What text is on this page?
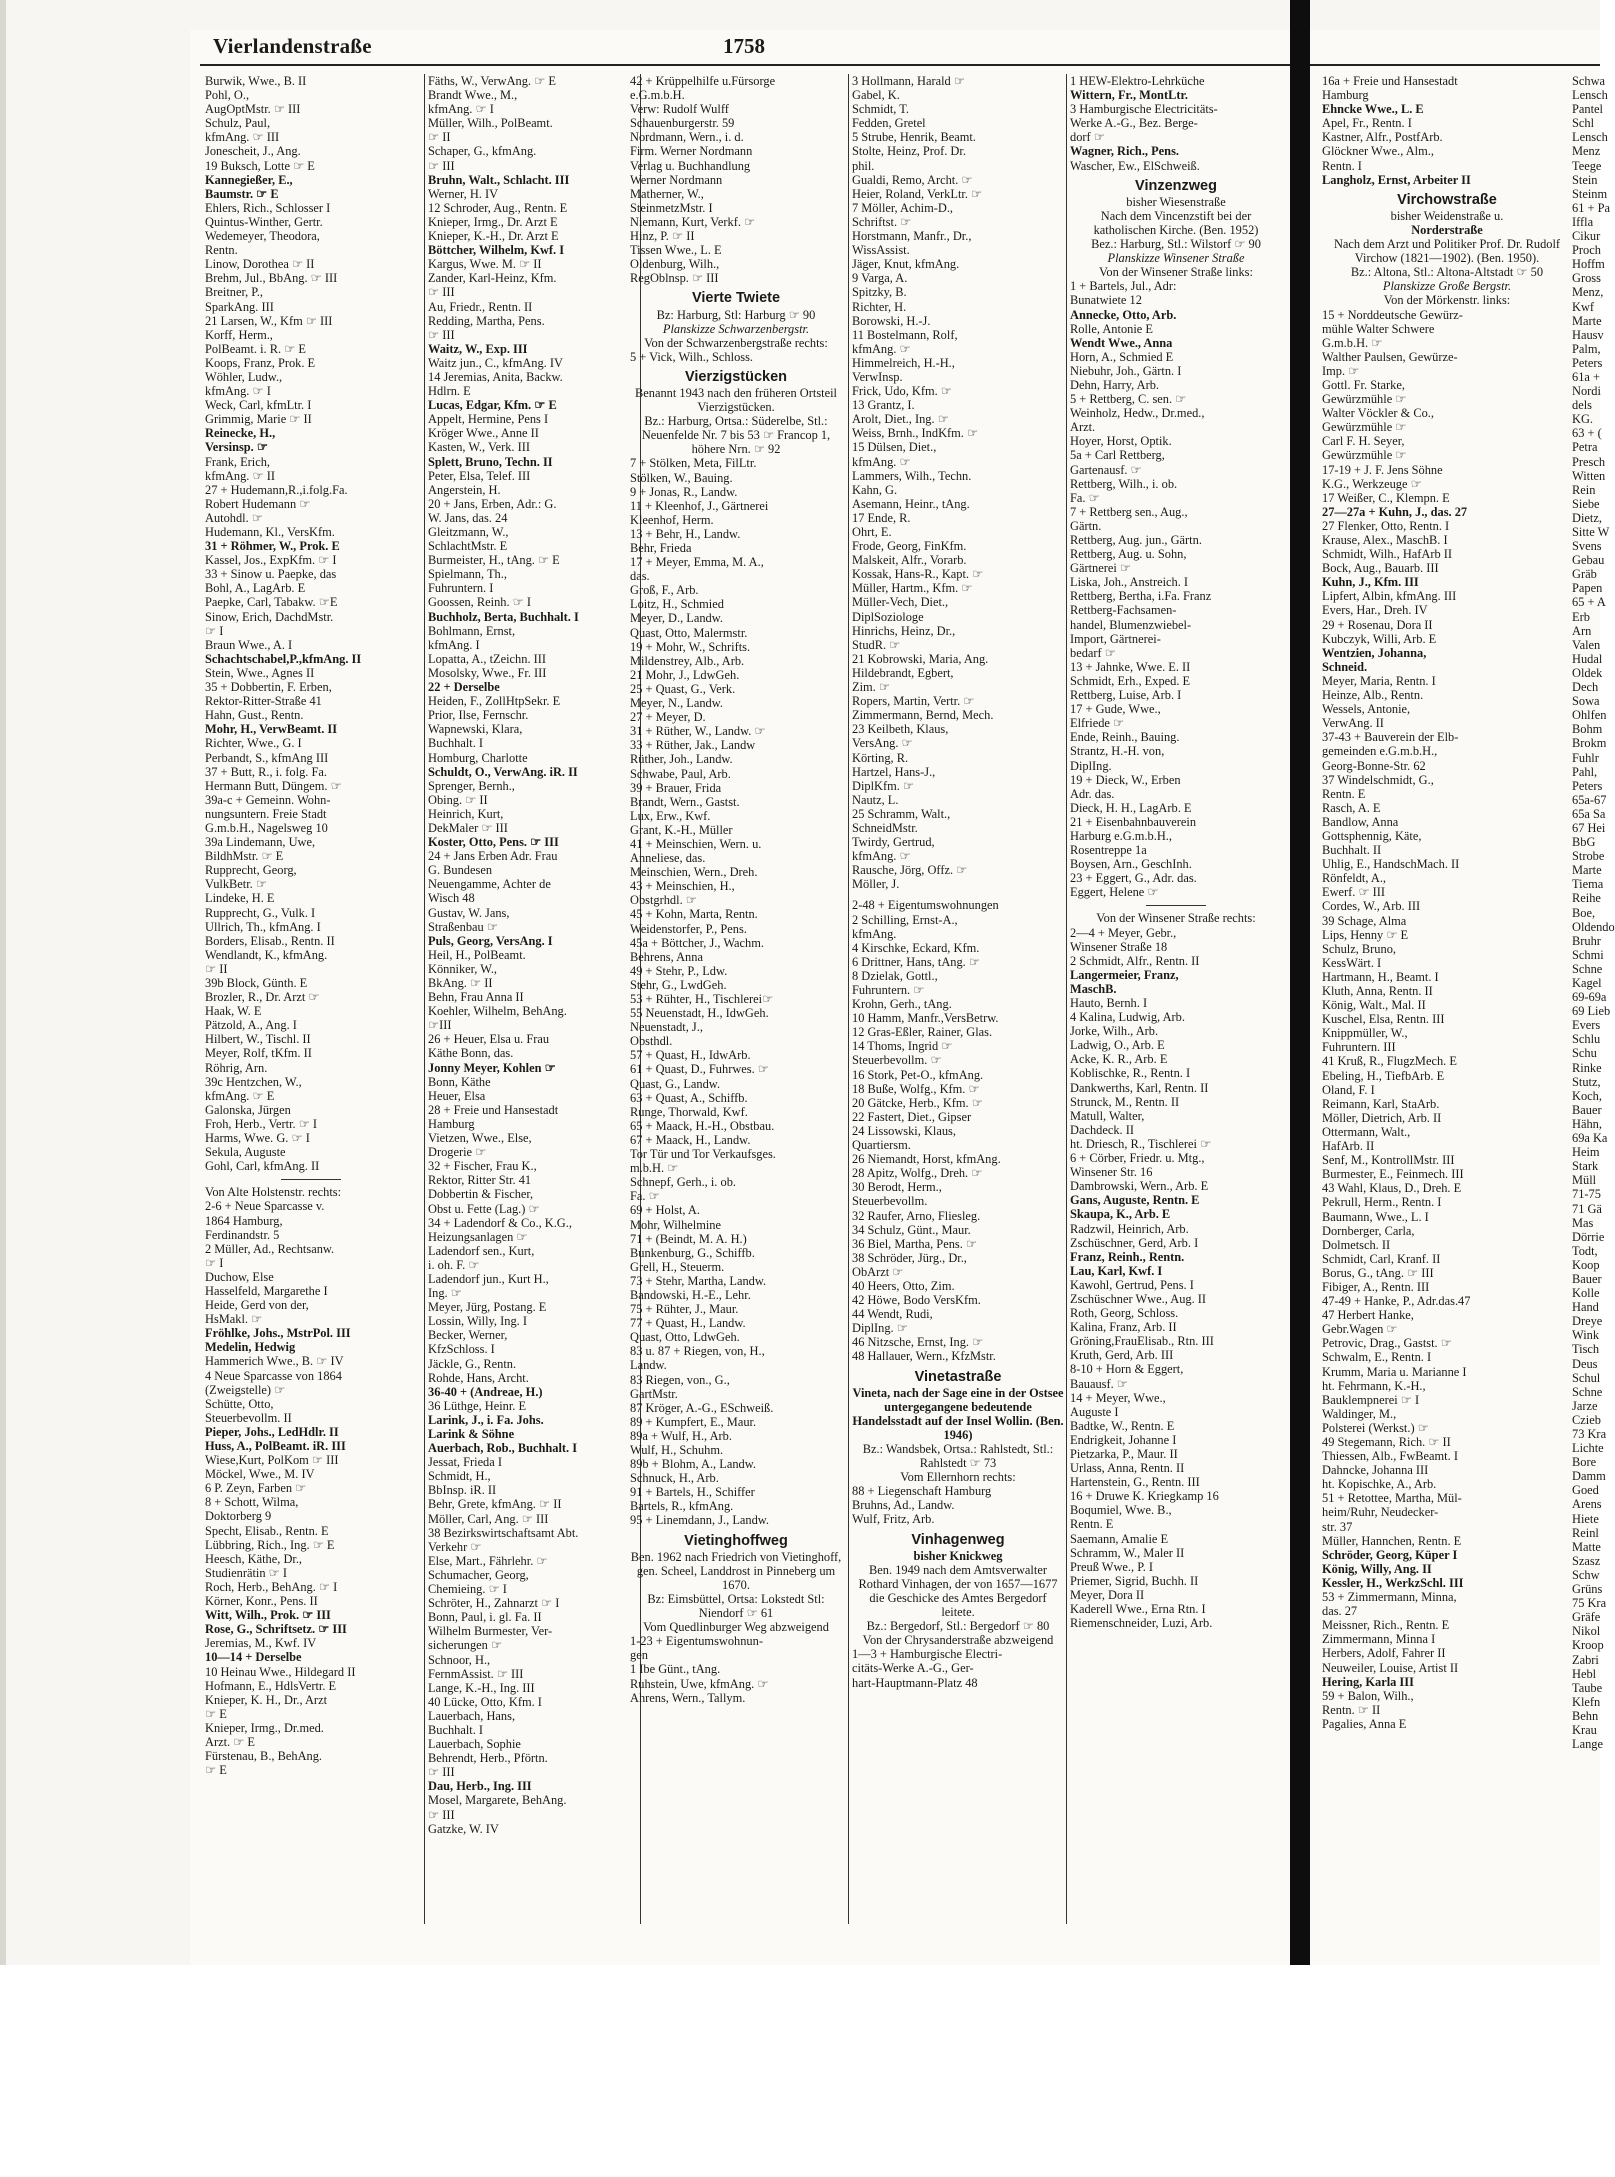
Vierlandenstraße	1758
Burwik, Wwe., B. II
Pohl, O.,
AugOptMstr. ☞ III
Schulz, Paul,
kfmAng. ☞ III
Jonescheit, J., Ang.
19 Buksch, Lotte ☞ E
Kannegießer, E.,
Baumstr. ☞ E
Ehlers, Rich., Schlosser I
Quintus-Winther, Gertr.
Wedemeyer, Theodora,
Rentn.
Linow, Dorothea ☞ II
Brehm, Jul., BbAng. ☞ III
Breitner, P.,
SparkAng. III
21 Larsen, W., Kfm ☞ III
Korff, Herm.,
PolBeamt. i. R. ☞ E
Koops, Franz, Prok. E
Wöhler, Ludw.,
kfmAng. ☞ I
Weck, Carl, kfmLtr. I
Grimmig, Marie ☞ II
Reinecke, H.,
Versinsp. ☞
Frank, Erich,
kfmAng. ☞ II
27 + Hudemann,R.,i.folg.Fa.
Robert Hudemann ☞
Autohdl. ☞
Hudemann, Kl., VersKfm.
31 + Röhmer, W., Prok. E
Kassel, Jos., ExpKfm. ☞ I
33 + Sinow u. Paepke, das
Bohl, A., LagArb. E
Paepke, Carl, Tabakw. ☞E
Sinow, Erich, DachdMstr.
☞ I
Braun Wwe., A. I
Schachtschabel,P.,kfmAng. II
Stein, Wwe., Agnes II
35 + Dobbertin, F. Erben,
Rektor-Ritter-Straße 41
Hahn, Gust., Rentn.
Mohr, H., VerwBeamt. II
Richter, Wwe., G. I
Perbandt, S., kfmAng III
37 + Butt, R., i. folg. Fa.
Hermann Butt, Düngem. ☞
39a-c + Gemeinn. Wohn-
nungsuntern. Freie Stadt
G.m.b.H., Nagelsweg 10
39a Lindemann, Uwe,
BildhMstr. ☞ E
Rupprecht, Georg,
VulkBetr. ☞
Lindeke, H. E
Rupprecht, G., Vulk. I
Ullrich, Th., kfmAng. I
Borders, Elisab., Rentn. II
Wendlandt, K., kfmAng.
☞ II
39b Block, Günth. E
Brozler, R., Dr. Arzt ☞
Haak, W. E
Pätzold, A., Ang. I
Hilbert, W., Tischl. II
Meyer, Rolf, tKfm. II
Röhrig, Arn.
39c Hentzchen, W.,
kfmAng. ☞ E
Galonska, Jürgen
Froh, Herb., Vertr. ☞ I
Harms, Wwe. G. ☞ I
Sekula, Auguste
Gohl, Carl, kfmAng. II
Von Alte Holstenstr. rechts:
2-6 + Neue Sparcasse v.
1864 Hamburg,
Ferdinandstr. 5
2 Müller, Ad., Rechtsanw.
☞ I
Duchow, Else
Hasselfeld, Margarethe I
Heide, Gerd von der,
HsMakl. ☞
Fröhlke, Johs., MstrPol. III
Medelin, Hedwig
Hammerich Wwe., B. ☞ IV
4 Neue Sparcasse von 1864
(Zweigstelle) ☞
Schütte, Otto,
Steuerbevollm. II
Pieper, Johs., LedHdlr. II
Huss, A., PolBeamt. iR. III
Wiese,Kurt, PolKom ☞ III
Möckel, Wwe., M. IV
6 P. Zeyn, Farben ☞
8 + Schott, Wilma,
Doktorberg 9
Specht, Elisab., Rentn. E
Lübbring, Rich., Ing. ☞ E
Heesch, Käthe, Dr.,
Studienrätin ☞ I
Roch, Herb., BehAng. ☞ I
Körner, Konr., Pens. II
Witt, Wilh., Prok. ☞ III
Rose, G., Schriftsetz. ☞ III
Jeremias, M., Kwf. IV
10—14 + Derselbe
10 Heinau Wwe., Hildegard II
Hofmann, E., HdlsVertr. E
Knieper, K. H., Dr., Arzt
☞ E
Knieper, Irmg., Dr.med.
Arzt. ☞ E
Fürstenau, B., BehAng.
☞ E
Fäths, W., VerwAng. ☞ E
Brandt Wwe., M.,
kfmAng. ☞ I
Müller, Wilh., PolBeamt.
☞ II
Schaper, G., kfmAng.
☞ III
Bruhn, Walt., Schlacht. III
Werner, H. IV
12 Schroder, Aug., Rentn. E
Knieper, Irmg., Dr. Arzt E
Knieper, K.-H., Dr. Arzt E
Böttcher, Wilhelm, Kwf. I
Kargus, Wwe. M. ☞ II
Zander, Karl-Heinz, Kfm.
☞ III
Au, Friedr., Rentn. II
Redding, Martha, Pens.
☞ III
Waitz, W., Exp. III
Waitz jun., C., kfmAng. IV
14 Jeremias, Anita, Backw.
Hdlrn. E
Lucas, Edgar, Kfm. ☞ E
Appelt, Hermine, Pens I
Kröger Wwe., Anne II
Kasten, W., Verk. III
Splett, Bruno, Techn. II
Peter, Elsa, Telef. III
Angerstein, H.
20 + Jans, Erben, Adr.: G.
W. Jans, das. 24
Gleitzmann, W.,
SchlachtMstr. E
Burmeister, H., tAng. ☞ E
Spielmann, Th.,
Fuhruntern. I
Goossen, Reinh. ☞ I
Buchholz, Berta, Buchhalt. I
Bohlmann, Ernst,
kfmAng. I
Lopatta, A., tZeichn. III
Mosolsky, Wwe., Fr. III
22 + Derselbe
Heiden, F., ZollHtpSekr. E
Prior, Ilse, Fernschr.
Wapnewski, Klara,
Buchhalt. I
Homburg, Charlotte
Schuldt, O., VerwAng. iR. II
Sprenger, Bernh.,
Obing. ☞ II
Heinrich, Kurt,
DekMaler ☞ III
Koster, Otto, Pens. ☞ III
24 + Jans Erben Adr. Frau
G. Bundesen
Neuengamme, Achter de
Wisch 48
Gustav, W. Jans,
Straßenbau ☞
Puls, Georg, VersAng. I
Heil, H., PolBeamt.
Könniker, W.,
BkAng. ☞ II
Behn, Frau Anna II
Koehler, Wilhelm, BehAng.
☞III
26 + Heuer, Elsa u. Frau
Käthe Bonn, das.
Jonny Meyer, Kohlen ☞
Bonn, Käthe
Heuer, Elsa
28 + Freie und Hansestadt
Hamburg
Vietzen, Wwe., Else,
Drogerie ☞
32 + Fischer, Frau K.,
Rektor, Ritter Str. 41
Dobbertin & Fischer,
Obst u. Fette (Lag.) ☞
34 + Ladendorf & Co., K.G.,
Heizungsanlagen ☞
Ladendorf sen., Kurt,
i. oh. F. ☞
Ladendorf jun., Kurt H.,
Ing. ☞
Meyer, Jürg, Postang. E
Lossin, Willy, Ing. I
Becker, Werner,
KfzSchloss. I
Jäckle, G., Rentn.
Rohde, Hans, Archt.
36-40 + (Andreae, H.)
36 Lüthge, Heinr. E
Larink, J., i. Fa. Johs.
Larink & Söhne
Auerbach, Rob., Buchhalt. I
Jessat, Frieda I
Schmidt, H.,
BbInsp. iR. II
Behr, Grete, kfmAng. ☞ II
Möller, Carl, Ang. ☞ III
38 Bezirkswirtschaftsamt Abt.
Verkehr ☞
Else, Mart., Fährlehr. ☞
Schumacher, Georg,
Chemieing. ☞ I
Schröter, H., Zahnarzt ☞ I
Bonn, Paul, i. gl. Fa. II
Wilhelm Burmester, Ver-
sicherungen ☞
Schnoor, H.,
FernmAssist. ☞ III
Lange, K.-H., Ing. III
40 Lücke, Otto, Kfm. I
Lauerbach, Hans,
Buchhalt. I
Lauerbach, Sophie
Behrendt, Herb., Pförtn.
☞ III
Dau, Herb., Ing. III
Mosel, Margarete, BehAng.
☞ III
Gatzke, W. IV
42 + Krüppelhilfe u.Fürsorge
e.G.m.b.H.
Verw: Rudolf Wulff
Schauenburgerstr. 59
Nordmann, Wern., i. d.
Firm. Werner Nordmann
Verlag u. Buchhandlung
Werner Nordmann
Matherner, W.,
SteinmetzMstr. I
Niemann, Kurt, Verkf. ☞
Hinz, P. ☞ II
Tissen Wwe., L. E
Oldenburg, Wilh.,
RegOblnsp. ☞ III
Vierte Twiete
Bz: Harburg, Stl: Harburg ☞ 90
Planskizze Schwarzenbergstr.
Von der Schwarzenbergstraße rechts:
5 + Vick, Wilh., Schloss.
Vierzigstücken
Benannt 1943 nach den früheren Ortsteil Vierzigstücken.
Bz.: Harburg, Ortsa.: Süderelbe, Stl.: Neuenfelde Nr. 7 bis 53 ☞ Francop 1, höhere Nrn. ☞ 92
7 + Stölken, Meta, FilLtr.
Stölken, W., Bauing.
9 + Jonas, R., Landw.
11 + Kleenhof, J., Gärtnerei
Kleenhof, Herm.
13 + Behr, H., Landw.
Behr, Frieda
17 + Meyer, Emma, M. A.,
das.
Groß, F., Arb.
Loitz, H., Schmied
Meyer, D., Landw.
Quast, Otto, Malermstr.
19 + Mohr, W., Schrifts.
Mildenstrey, Alb., Arb.
21 Mohr, J., LdwGeh.
25 + Quast, G., Verk.
Meyer, N., Landw.
27 + Meyer, D.
31 + Rüther, W., Landw. ☞
33 + Rüther, Jak., Landw
Rüther, Joh., Landw.
Schwabe, Paul, Arb.
39 + Brauer, Frida
Brandt, Wern., Gastst.
Lux, Erw., Kwf.
Grant, K.-H., Müller
41 + Meinschien, Wern. u.
Anneliese, das.
Meinschien, Wern., Dreh.
43 + Meinschien, H.,
Obstgrhdl. ☞
45 + Kohn, Marta, Rentn.
Weidenstorfer, P., Pens.
45a + Böttcher, J., Wachm.
Behrens, Anna
49 + Stehr, P., Ldw.
Stehr, G., LwdGeh.
53 + Rühter, H., Tischlerei☞
55 Neuenstadt, H., IdwGeh.
Neuenstadt, J.,
Obsthdl.
57 + Quast, H., IdwArb.
61 + Quast, D., Fuhrwes. ☞
Quast, G., Landw.
63 + Quast, A., Schiffb.
Runge, Thorwald, Kwf.
65 + Maack, H.-H., Obstbau.
67 + Maack, H., Landw.
Tor Tür und Tor Verkaufsges.
m.b.H. ☞
Schnepf, Gerh., i. ob.
Fa. ☞
69 + Holst, A.
Mohr, Wilhelmine
71 + (Beindt, M. A. H.)
Bunkenburg, G., Schiffb.
Grell, H., Steuerm.
73 + Stehr, Martha, Landw.
Bandowski, H.-E., Lehr.
75 + Rühter, J., Maur.
77 + Quast, H., Landw.
Quast, Otto, LdwGeh.
83 u. 87 + Riegen, von, H.,
Landw.
83 Riegen, von., G.,
GartMstr.
87 Kröger, A.-G., ESchweiß.
89 + Kumpfert, E., Maur.
89a + Wulf, H., Arb.
Wulf, H., Schuhm.
89b + Blohm, A., Landw.
Schnuck, H., Arb.
91 + Bartels, H., Schiffer
Bartels, R., kfmAng.
95 + Linemdann, J., Landw.
Vietinghoffweg
Ben. 1962 nach Friedrich von Vietinghoff, gen. Scheel, Landdrost in Pinneberg um 1670.
Bz: Eimsbüttel, Ortsa: Lokstedt Stl: Niendorf ☞ 61
Vom Quedlinburger Weg abzweigend
1-23 + Eigentumswohnun-
gen
1 Ibe Günt., tAng.
Ruhstein, Uwe, kfmAng. ☞
Ahrens, Wern., Tallym.
3 Hollmann, Harald ☞
Gabel, K.
Schmidt, T.
Fedden, Gretel
5 Strube, Henrik, Beamt.
Stolte, Heinz, Prof. Dr.
phil.
Gualdi, Remo, Archt. ☞
Heier, Roland, VerkLtr. ☞
7 Möller, Achim-D.,
Schriftst. ☞
Horstmann, Manfr., Dr.,
WissAssist.
Jäger, Knut, kfmAng.
9 Varga, A.
Spitzky, B.
Richter, H.
Borowski, H.-J.
11 Bostelmann, Rolf,
kfmAng. ☞
Himmelreich, H.-H.,
VerwInsp.
Frick, Udo, Kfm. ☞
13 Grantz, I.
Arolt, Diet., Ing. ☞
Weiss, Brnh., IndKfm. ☞
15 Dülsen, Diet.,
kfmAng. ☞
Lammers, Wilh., Techn.
Kahn, G.
Asemann, Heinr., tAng.
17 Ende, R.
Ohrt, E.
Frode, Georg, FinKfm.
Malskeit, Alfr., Vorarb.
Kossak, Hans-R., Kapt. ☞
Müller, Hartm., Kfm. ☞
Müller-Vech, Diet.,
DiplSoziologe
Hinrichs, Heinz, Dr.,
StudR. ☞
21 Kobrowski, Maria, Ang.
Hildebrandt, Egbert,
Zim. ☞
Ropers, Martin, Vertr. ☞
Zimmermann, Bernd, Mech.
23 Keilbeth, Klaus,
VersAng. ☞
Körting, R.
Hartzel, Hans-J.,
DiplKfm. ☞
Nautz, L.
25 Schramm, Walt.,
SchneidMstr.
Twirdy, Gertrud,
kfmAng. ☞
Rausche, Jörg, Offz. ☞
Möller, J.
2-48 + Eigentumswohnungen
2 Schilling, Ernst-A.,
kfmAng.
4 Kirschke, Eckard, Kfm.
6 Drittner, Hans, tAng. ☞
8 Dzielak, Gottl.,
Fuhruntern. ☞
Krohn, Gerh., tAng.
10 Hamm, Manfr.,VersBetrw.
12 Gras-Eßler, Rainer, Glas.
14 Thoms, Ingrid ☞
Steuerbevollm. ☞
16 Stork, Pet-O., kfmAng.
18 Buße, Wolfg., Kfm. ☞
20 Gätcke, Herb., Kfm. ☞
22 Fastert, Diet., Gipser
24 Lissowski, Klaus,
Quartiersm.
26 Niemandt, Horst, kfmAng.
28 Apitz, Wolfg., Dreh. ☞
30 Berodt, Herm.,
Steuerbevollm.
32 Raufer, Arno, Fliesleg.
34 Schulz, Günt., Maur.
36 Biel, Martha, Pens. ☞
38 Schröder, Jürg., Dr.,
ObArzt ☞
40 Heers, Otto, Zim.
42 Höwe, Bodo VersKfm.
44 Wendt, Rudi,
DiplIng. ☞
46 Nitzsche, Ernst, Ing. ☞
48 Hallauer, Wern., KfzMstr.
Vinetastraße
Vineta, nach der Sage eine in der Ostsee untergegangene bedeutende Handelsstadt auf der Insel Wollin. (Ben. 1946)
Bz.: Wandsbek, Ortsa.: Rahlstedt, Stl.: Rahlstedt ☞ 73
Vom Ellernhorn rechts:
88 + Liegenschaft Hamburg
Bruhns, Ad., Landw.
Wulf, Fritz, Arb.
Vinhagenweg
bisher Knickweg
Ben. 1949 nach dem Amtsverwalter Rothard Vinhagen, der von 1657—1677 die Geschicke des Amtes Bergedorf leitete.
Bz.: Bergedorf, Stl.: Bergedorf ☞ 80
Von der Chrysanderstraße abzweigend
1—3 + Hamburgische Electri-
citäts-Werke A.-G., Ger-
hart-Hauptmann-Platz 48
1 HEW-Elektro-Lehrküche
Wittern, Fr., MontLtr.
3 Hamburgische Electricitäts-
Werke A.-G., Bez. Berge-
dorf ☞
Wagner, Rich., Pens.
Wascher, Ew., ElSchweiß.
Vinzenzweg
bisher Wiesenstraße
Nach dem Vincenzstift bei der katholischen Kirche. (Ben. 1952)
Bez.: Harburg, Stl.: Wilstorf ☞ 90
Planskizze Winsener Straße
Von der Winsener Straße links:
1 + Bartels, Jul., Adr:
Bunatwiete 12
Annecke, Otto, Arb.
Rolle, Antonie E
Wendt Wwe., Anna
Horn, A., Schmied E
Niebuhr, Joh., Gärtn. I
Dehn, Harry, Arb.
5 + Rettberg, C. sen. ☞
Weinholz, Hedw., Dr.med.,
Arzt.
Hoyer, Horst, Optik.
5a + Carl Rettberg,
Gartenausf. ☞
Rettberg, Wilh., i. ob.
Fa. ☞
7 + Rettberg sen., Aug.,
Gärtn.
Rettberg, Aug. jun., Gärtn.
Rettberg, Aug. u. Sohn,
Gärtnerei ☞
Liska, Joh., Anstreich. I
Rettberg, Bertha, i.Fa. Franz
Rettberg-Fachsamen-
handel, Blumenzwiebel-
Import, Gärtnerei-
bedarf ☞
13 + Jahnke, Wwe. E. II
Schmidt, Erh., Exped. E
Rettberg, Luise, Arb. I
17 + Gude, Wwe.,
Elfriede ☞
Ende, Reinh., Bauing.
Strantz, H.-H. von,
DiplIng.
19 + Dieck, W., Erben
Adr. das.
Dieck, H. H., LagArb. E
21 + Eisenbahnbauverein
Harburg e.G.m.b.H.,
Rosentreppe 1a
Boysen, Arn., GeschInh.
23 + Eggert, G., Adr. das.
Eggert, Helene ☞
Von der Winsener Straße rechts:
2—4 + Meyer, Gebr.,
Winsener Straße 18
2 Schmidt, Alfr., Rentn. II
Langermeier, Franz,
MaschB.
Hauto, Bernh. I
4 Kalina, Ludwig, Arb.
Jorke, Wilh., Arb.
Ladwig, O., Arb. E
Acke, K. R., Arb. E
Koblischke, R., Rentn. I
Dankwerths, Karl, Rentn. II
Strunck, M., Rentn. II
Matull, Walter,
Dachdeck. II
ht. Driesch, R., Tischlerei ☞
6 + Cörber, Friedr. u. Mtg.,
Winsener Str. 16
Dambrowski, Wern., Arb. E
Gans, Auguste, Rentn. E
Skaupa, K., Arb. E
Radzwil, Heinrich, Arb.
Zschüschner, Gerd, Arb. I
Franz, Reinh., Rentn.
Lau, Karl, Kwf. I
Kawohl, Gertrud, Pens. I
Zschüschner Wwe., Aug. II
Roth, Georg, Schloss.
Kalina, Franz, Arb. II
Gröning,FrauElisab., Rtn. III
Kruth, Gerd, Arb. III
8-10 + Horn & Eggert,
Bauausf. ☞
14 + Meyer, Wwe.,
Auguste I
Badtke, W., Rentn. E
Endrigkeit, Johanne I
Pietzarka, P., Maur. II
Urlass, Anna, Rentn. II
Hartenstein, G., Rentn. III
16 + Druwe K. Kriegkamp 16
Boqumiel, Wwe. B.,
Rentn. E
Saemann, Amalie E
Schramm, W., Maler II
Preuß Wwe., P. I
Priemer, Sigrid, Buchh. II
Meyer, Dora II
Kaderell Wwe., Erna Rtn. I
Riemenschneider, Luzi, Arb.
16a + Freie und Hansestadt
Hamburg
Ehncke Wwe., L. E
Apel, Fr., Rentn. I
Kastner, Alfr., PostfArb.
Glöckner Wwe., Alm.,
Rentn. I
Langholz, Ernst, Arbeiter II
Virchowstraße
bisher Weidenstraße u.
Norderstraße
Nach dem Arzt und Politiker Prof. Dr. Rudolf Virchow (1821—1902). (Ben. 1950).
Bz.: Altona, Stl.: Altona-Altstadt ☞ 50
Planskizze Große Bergstr.
Von der Mörkenstr. links:
15 + Norddeutsche Gewürz-
mühle Walter Schwere
G.m.b.H. ☞
Walther Paulsen, Gewürze-
Imp. ☞
Gottl. Fr. Starke,
Gewürzmühle ☞
Walter Vöckler & Co.,
Gewürzmühle ☞
Carl F. H. Seyer,
Gewürzmühle ☞
17-19 + J. F. Jens Söhne
K.G., Werkzeuge ☞
17 Weißer, C., Klempn. E
27—27a + Kuhn, J., das. 27
27 Flenker, Otto, Rentn. I
Krause, Alex., MaschB. I
Schmidt, Wilh., HafArb II
Bock, Aug., Bauarb. III
Kuhn, J., Kfm. III
Lipfert, Albin, kfmAng. III
Evers, Har., Dreh. IV
29 + Rosenau, Dora II
Kubczyk, Willi, Arb. E
Wentzien, Johanna,
Schneid.
Meyer, Maria, Rentn. I
Heinze, Alb., Rentn.
Wessels, Antonie,
VerwAng. II
37-43 + Bauverein der Elb-
gemeinden e.G.m.b.H.,
Georg-Bonne-Str. 62
37 Windelschmidt, G.,
Rentn. E
Rasch, A. E
Bandlow, Anna
Gottsphennig, Käte,
Buchhalt. II
Uhlig, E., HandschMach. II
Rönfeldt, A.,
Ewerf. ☞ III
Cordes, W., Arb. III
39 Schage, Alma
Lips, Henny ☞ E
Schulz, Bruno,
KessWärt. I
Hartmann, H., Beamt. I
Kluth, Anna, Rentn. II
König, Walt., Mal. II
Kuschel, Elsa, Rentn. III
Knippmüller, W.,
Fuhruntern. III
41 Kruß, R., FlugzMech. E
Ebeling, H., TiefbArb. E
Oland, F. I
Reimann, Karl, StaArb.
Möller, Dietrich, Arb. II
Ottermann, Walt.,
HafArb. II
Senf, M., KontrollMstr. III
Burmester, E., Feinmech. III
43 Wahl, Klaus, D., Dreh. E
Pekrull, Herm., Rentn. I
Baumann, Wwe., L. I
Dornberger, Carla,
Dolmetsch. II
Schmidt, Carl, Kranf. II
Borus, G., tAng. ☞ III
Fibiger, A., Rentn. III
47-49 + Hanke, P., Adr.das.47
47 Herbert Hanke,
Gebr.Wagen ☞
Petrovic, Drag., Gastst. ☞
Schwalm, E., Rentn. I
Krumm, Maria u. Marianne I
ht. Fehrmann, K.-H.,
Bauklempnerei ☞ I
Waldinger, M.,
Polsterei (Werkst.) ☞
49 Stegemann, Rich. ☞ II
Thiessen, Alb., FwBeamt. I
Dahncke, Johanna III
ht. Kopischke, A., Arb.
51 + Retottee, Martha, Mül-
heim/Ruhr, Neudecker-
str. 37
Müller, Hannchen, Rentn. E
Schröder, Georg, Küper I
König, Willy, Ang. II
Kessler, H., WerkzSchl. III
53 + Zimmermann, Minna,
das. 27
Meissner, Rich., Rentn. E
Zimmermann, Minna I
Herbers, Adolf, Fahrer II
Neuweiler, Louise, Artist II
Hering, Karla III
59 + Balon, Wilh.,
Rentn. ☞ II
Pagalies, Anna E
Schwa
Lensch
Pantel
Schl
Lensch
Menz
Teege
Stein
Steinm
61 + Pa
Iffla
Cikur
Proch
Hoffm
Gross
Menz,
Kwf
Marte
Hausv
Palm,
Peters
61a +
Nordi
dels
KG.
63 + (
Petra
Presch
Witten
Rein
Siebe
Dietz,
Sitte W
Svens
Gebau
Gräb
Papen
65 + A
Erb
Arn
Valen
Hudal
Oldek
Dech
Sowa
Ohlfen
Bohm
Brokm
Fuhlr
Pahl,
Peters
65a-67
65a Sa
67 Hei
BbG
Strobe
Marte
Tiema
Reihe
Boe,
Oldendo
Bruhr
Schmi
Schne
Kagel
69-69a
69 Lieb
Evers
Schlu
Schu
Rinke
Stutz,
Koch,
Bauer
Hähn,
69a Ka
Heim
Stark
Müll
71-75
71 Gä
Mas
Dörrie
Todt,
Koop
Bauer
Kolle
Hand
Dreye
Wink
Tisch
Deus
Schul
Schne
Jarze
Czieb
73 Kra
Lichte
Bore
Damm
Goed
Arens
Hiete
Reinl
Matte
Szasz
Schw
Grüns
75 Kra
Gräfe
Nikol
Kroop
Zabri
Hebl
Taube
Klefn
Behn
Krau
Lange
